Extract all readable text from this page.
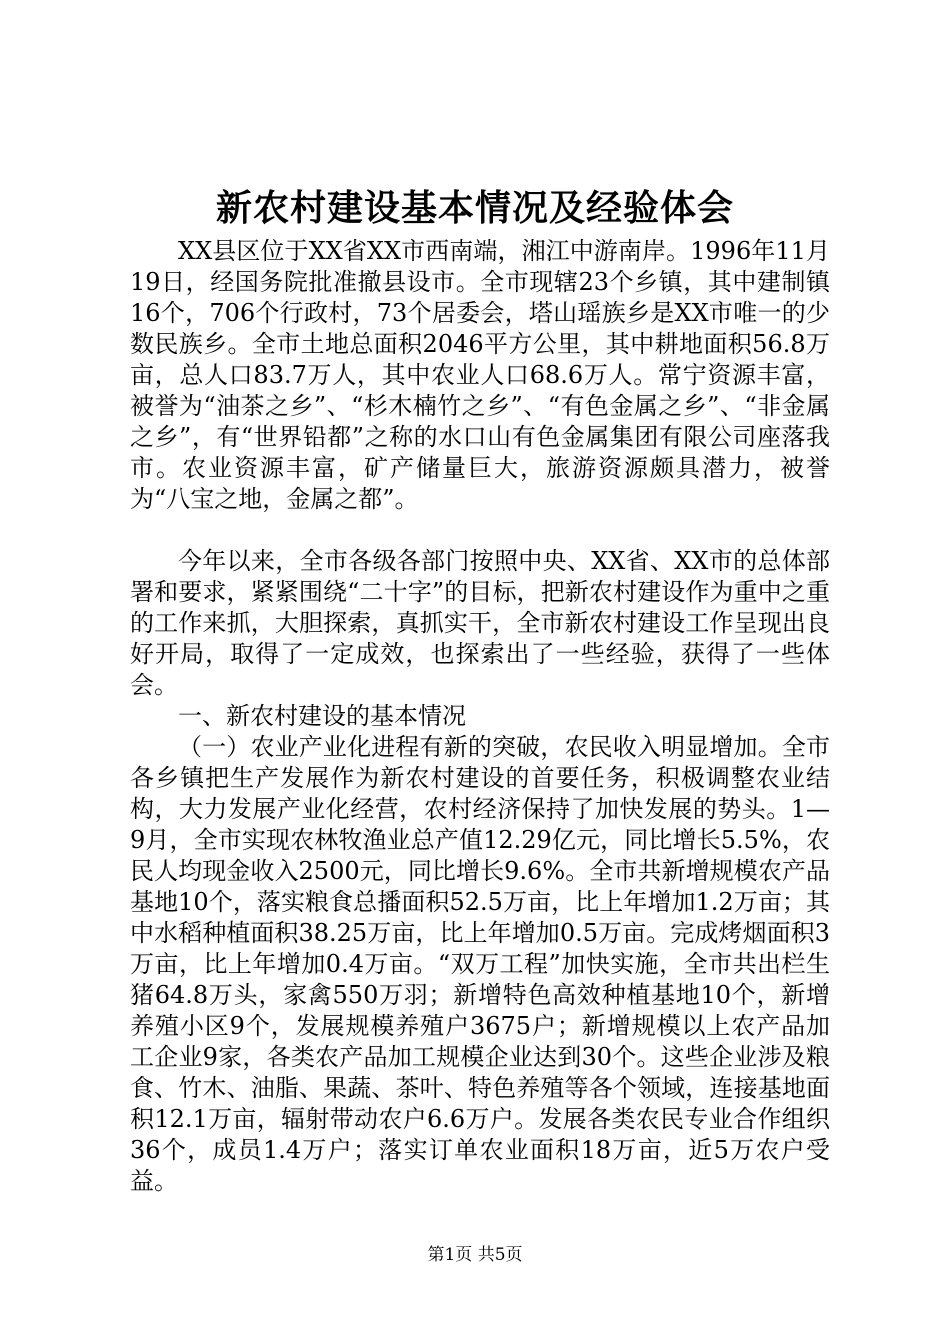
新农村建设基本情况及经验体会

XX县区位于XX省XX市西南端，湘江中游南岸。1996年11月19日，经国务院批准撤县设市。全市现辖23个乡镇，其中建制镇16个，706个行政村，73个居委会，塔山瑶族乡是XX市唯一的少数民族乡。全市土地总面积2046平方公里，其中耕地面积56.8万亩，总人口83.7万人，其中农业人口68.6万人。常宁资源丰富，被誉为“油茶之乡”、“杉木楠竹之乡”、“有色金属之乡”、“非金属之乡”，有“世界铅都”之称的水口山有色金属集团有限公司座落我市。农业资源丰富，矿产储量巨大，旅游资源颇具潜力，被誉为“八宝之地，金属之都”。

今年以来，全市各级各部门按照中央、XX省、XX市的总体部署和要求，紧紧围绕“二十字”的目标，把新农村建设作为重中之重的工作来抓，大胆探索，真抓实干，全市新农村建设工作呈现出良好开局，取得了一定成效，也探索出了一些经验，获得了一些体会。

一、新农村建设的基本情况

（一）农业产业化进程有新的突破，农民收入明显增加。全市各乡镇把生产发展作为新农村建设的首要任务，积极调整农业结构，大力发展产业化经营，农村经济保持了加快发展的势头。1—9月，全市实现农林牧渔业总产值12.29亿元，同比增长5.5%，农民人均现金收入2500元，同比增长9.6%。全市共新增规模农产品基地10个，落实粮食总播面积52.5万亩，比上年增加1.2万亩；其中水稻种植面积38.25万亩，比上年增加0.5万亩。完成烤烟面积3万亩，比上年增加0.4万亩。“双万工程”加快实施，全市共出栏生猪64.8万头，家禽550万羽；新增特色高效种植基地10个，新增养殖小区9个，发展规模养殖户3675户；新增规模以上农产品加工企业9家，各类农产品加工规模企业达到30个。这些企业涉及粮食、竹木、油脂、果蔬、茶叶、特色养殖等各个领域，连接基地面积12.1万亩，辐射带动农户6.6万户。发展各类农民专业合作组织36个，成员1.4万户；落实订单农业面积18万亩，近5万农户受益。

第1页 共5页
